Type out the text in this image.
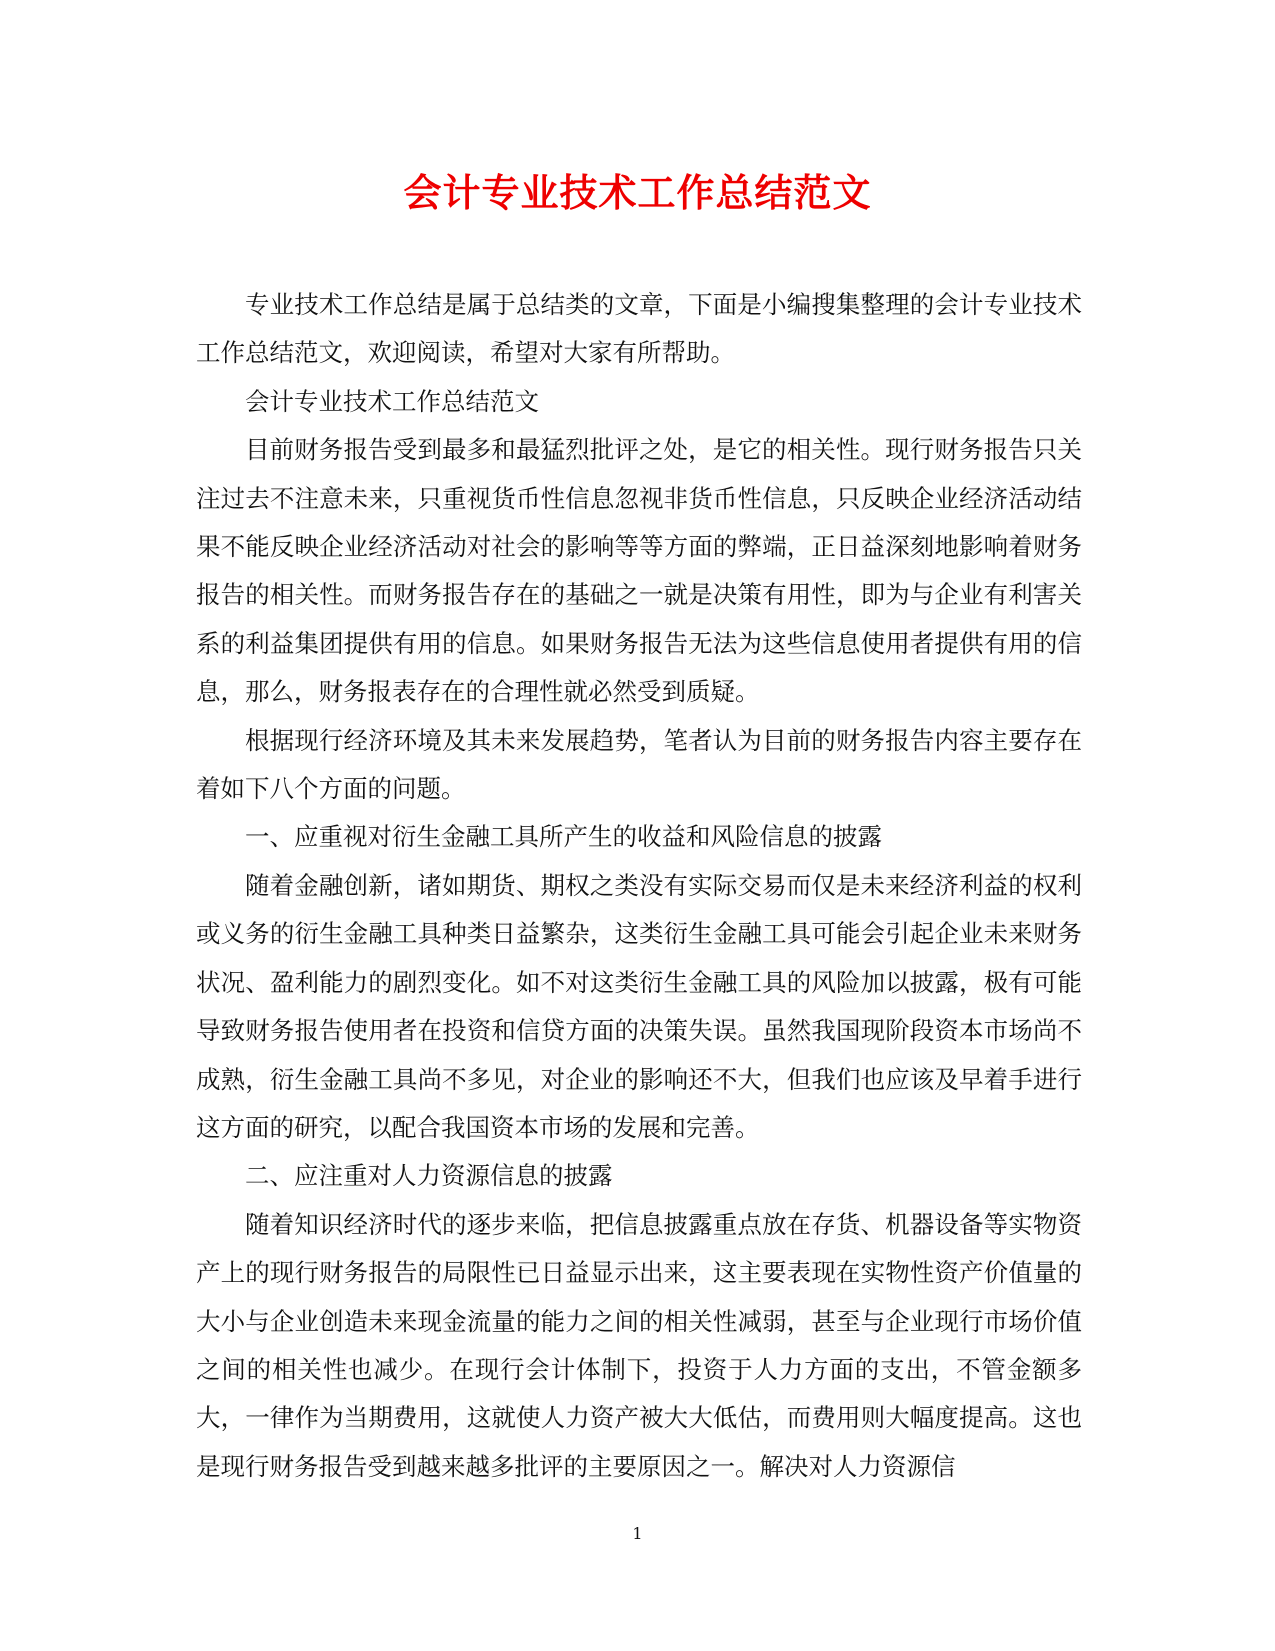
会计专业技术工作总结范文

专业技术工作总结是属于总结类的文章，下面是小编搜集整理的会计专业技术工作总结范文，欢迎阅读，希望对大家有所帮助。

会计专业技术工作总结范文

目前财务报告受到最多和最猛烈批评之处，是它的相关性。现行财务报告只关注过去不注意未来，只重视货币性信息忽视非货币性信息，只反映企业经济活动结果不能反映企业经济活动对社会的影响等等方面的弊端，正日益深刻地影响着财务报告的相关性。而财务报告存在的基础之一就是决策有用性，即为与企业有利害关系的利益集团提供有用的信息。如果财务报告无法为这些信息使用者提供有用的信息，那么，财务报表存在的合理性就必然受到质疑。

根据现行经济环境及其未来发展趋势，笔者认为目前的财务报告内容主要存在着如下八个方面的问题。

一、应重视对衍生金融工具所产生的收益和风险信息的披露

随着金融创新，诸如期货、期权之类没有实际交易而仅是未来经济利益的权利或义务的衍生金融工具种类日益繁杂，这类衍生金融工具可能会引起企业未来财务状况、盈利能力的剧烈变化。如不对这类衍生金融工具的风险加以披露，极有可能导致财务报告使用者在投资和信贷方面的决策失误。虽然我国现阶段资本市场尚不成熟，衍生金融工具尚不多见，对企业的影响还不大，但我们也应该及早着手进行这方面的研究，以配合我国资本市场的发展和完善。

二、应注重对人力资源信息的披露

随着知识经济时代的逐步来临，把信息披露重点放在存货、机器设备等实物资产上的现行财务报告的局限性已日益显示出来，这主要表现在实物性资产价值量的大小与企业创造未来现金流量的能力之间的相关性减弱，甚至与企业现行市场价值之间的相关性也减少。在现行会计体制下，投资于人力方面的支出，不管金额多大，一律作为当期费用，这就使人力资产被大大低估，而费用则大幅度提高。这也是现行财务报告受到越来越多批评的主要原因之一。解决对人力资源信

1
